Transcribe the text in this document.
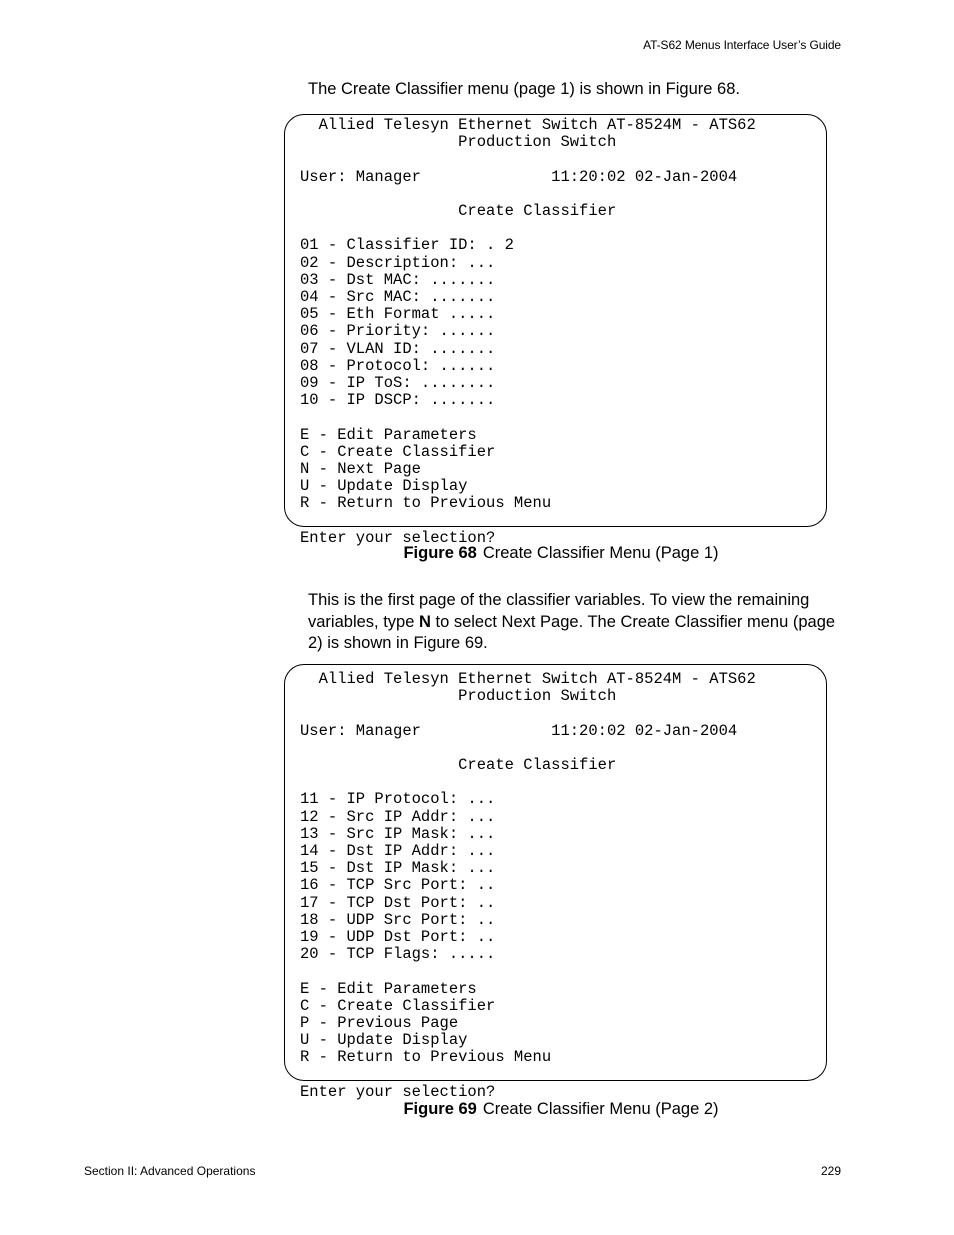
AT-S62 Menus Interface User’s Guide
The Create Classifier menu (page 1) is shown in Figure 68.
Allied Telesyn Ethernet Switch AT-8524M - ATS62
Production Switch

User: Manager              11:20:02 02-Jan-2004

Create Classifier

01 - Classifier ID: . 2
02 - Description: ...
03 - Dst MAC: .......
04 - Src MAC: .......
05 - Eth Format .....
06 - Priority: ......
07 - VLAN ID: .......
08 - Protocol: ......
09 - IP ToS: ........
10 - IP DSCP: .......

E - Edit Parameters
C - Create Classifier
N - Next Page
U - Update Display
R - Return to Previous Menu

Enter your selection?
Figure 68 Create Classifier Menu (Page 1)
This is the first page of the classifier variables. To view the remaining variables, type N to select Next Page. The Create Classifier menu (page 2) is shown in Figure 69.
Allied Telesyn Ethernet Switch AT-8524M - ATS62
Production Switch

User: Manager              11:20:02 02-Jan-2004

Create Classifier

11 - IP Protocol: ...
12 - Src IP Addr: ...
13 - Src IP Mask: ...
14 - Dst IP Addr: ...
15 - Dst IP Mask: ...
16 - TCP Src Port: ..
17 - TCP Dst Port: ..
18 - UDP Src Port: ..
19 - UDP Dst Port: ..
20 - TCP Flags: .....

E - Edit Parameters
C - Create Classifier
P - Previous Page
U - Update Display
R - Return to Previous Menu

Enter your selection?
Figure 69 Create Classifier Menu (Page 2)
Section II: Advanced Operations	229
